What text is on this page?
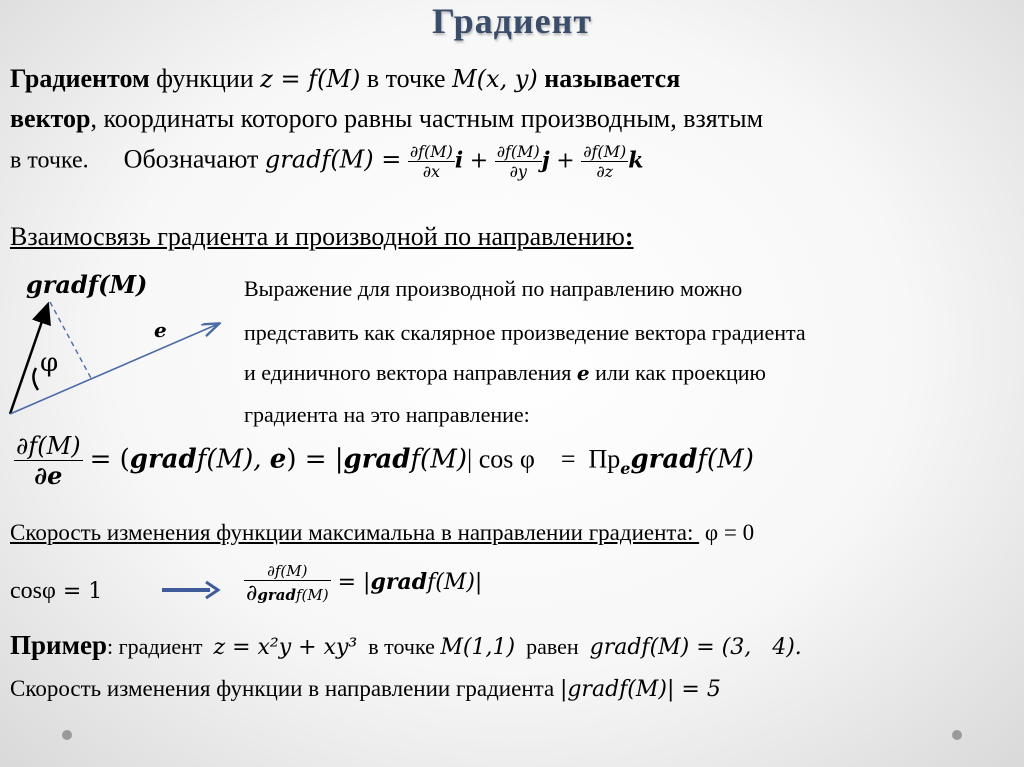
Градиент
Градиентом функции z = f(M) в точке M(x, y) называется
вектор, координаты которого равны частным производным, взятым
в точке. Обозначают gradf(M) = $\frac{\partial f(M)}{\partial x}$ $i + \frac{\partial f(M)}{\partial y}$ $j + \frac{\partial f(M)}{\partial z}$ k
Взаимосвязь градиента и производной по направлению:
gradf(M)
e
φ
Выражение для производной по направлению можно
представить как скалярное произведение вектора градиента
и единичного вектора направления e или как проекцию
градиента на это направление:
$\frac{\partial f(M)}{\partial e}$ = (gradf(M), e) = |gradf(M)| cos φ    =  $Пр_egradf(M)$
Скорость изменения функции максимальна в направлении градиента:  φ = 0
cosφ = 1	$\frac{\partial f(M)}{\text{∂gradf(M)}}$ = |gradf(M)|
Пример: градиент  z = x²y + xy³  в точке M(1,1)  равен  gradf(M) = (3,   4).
Скорость изменения функции в направлении градиента |gradf(M)| = 5
